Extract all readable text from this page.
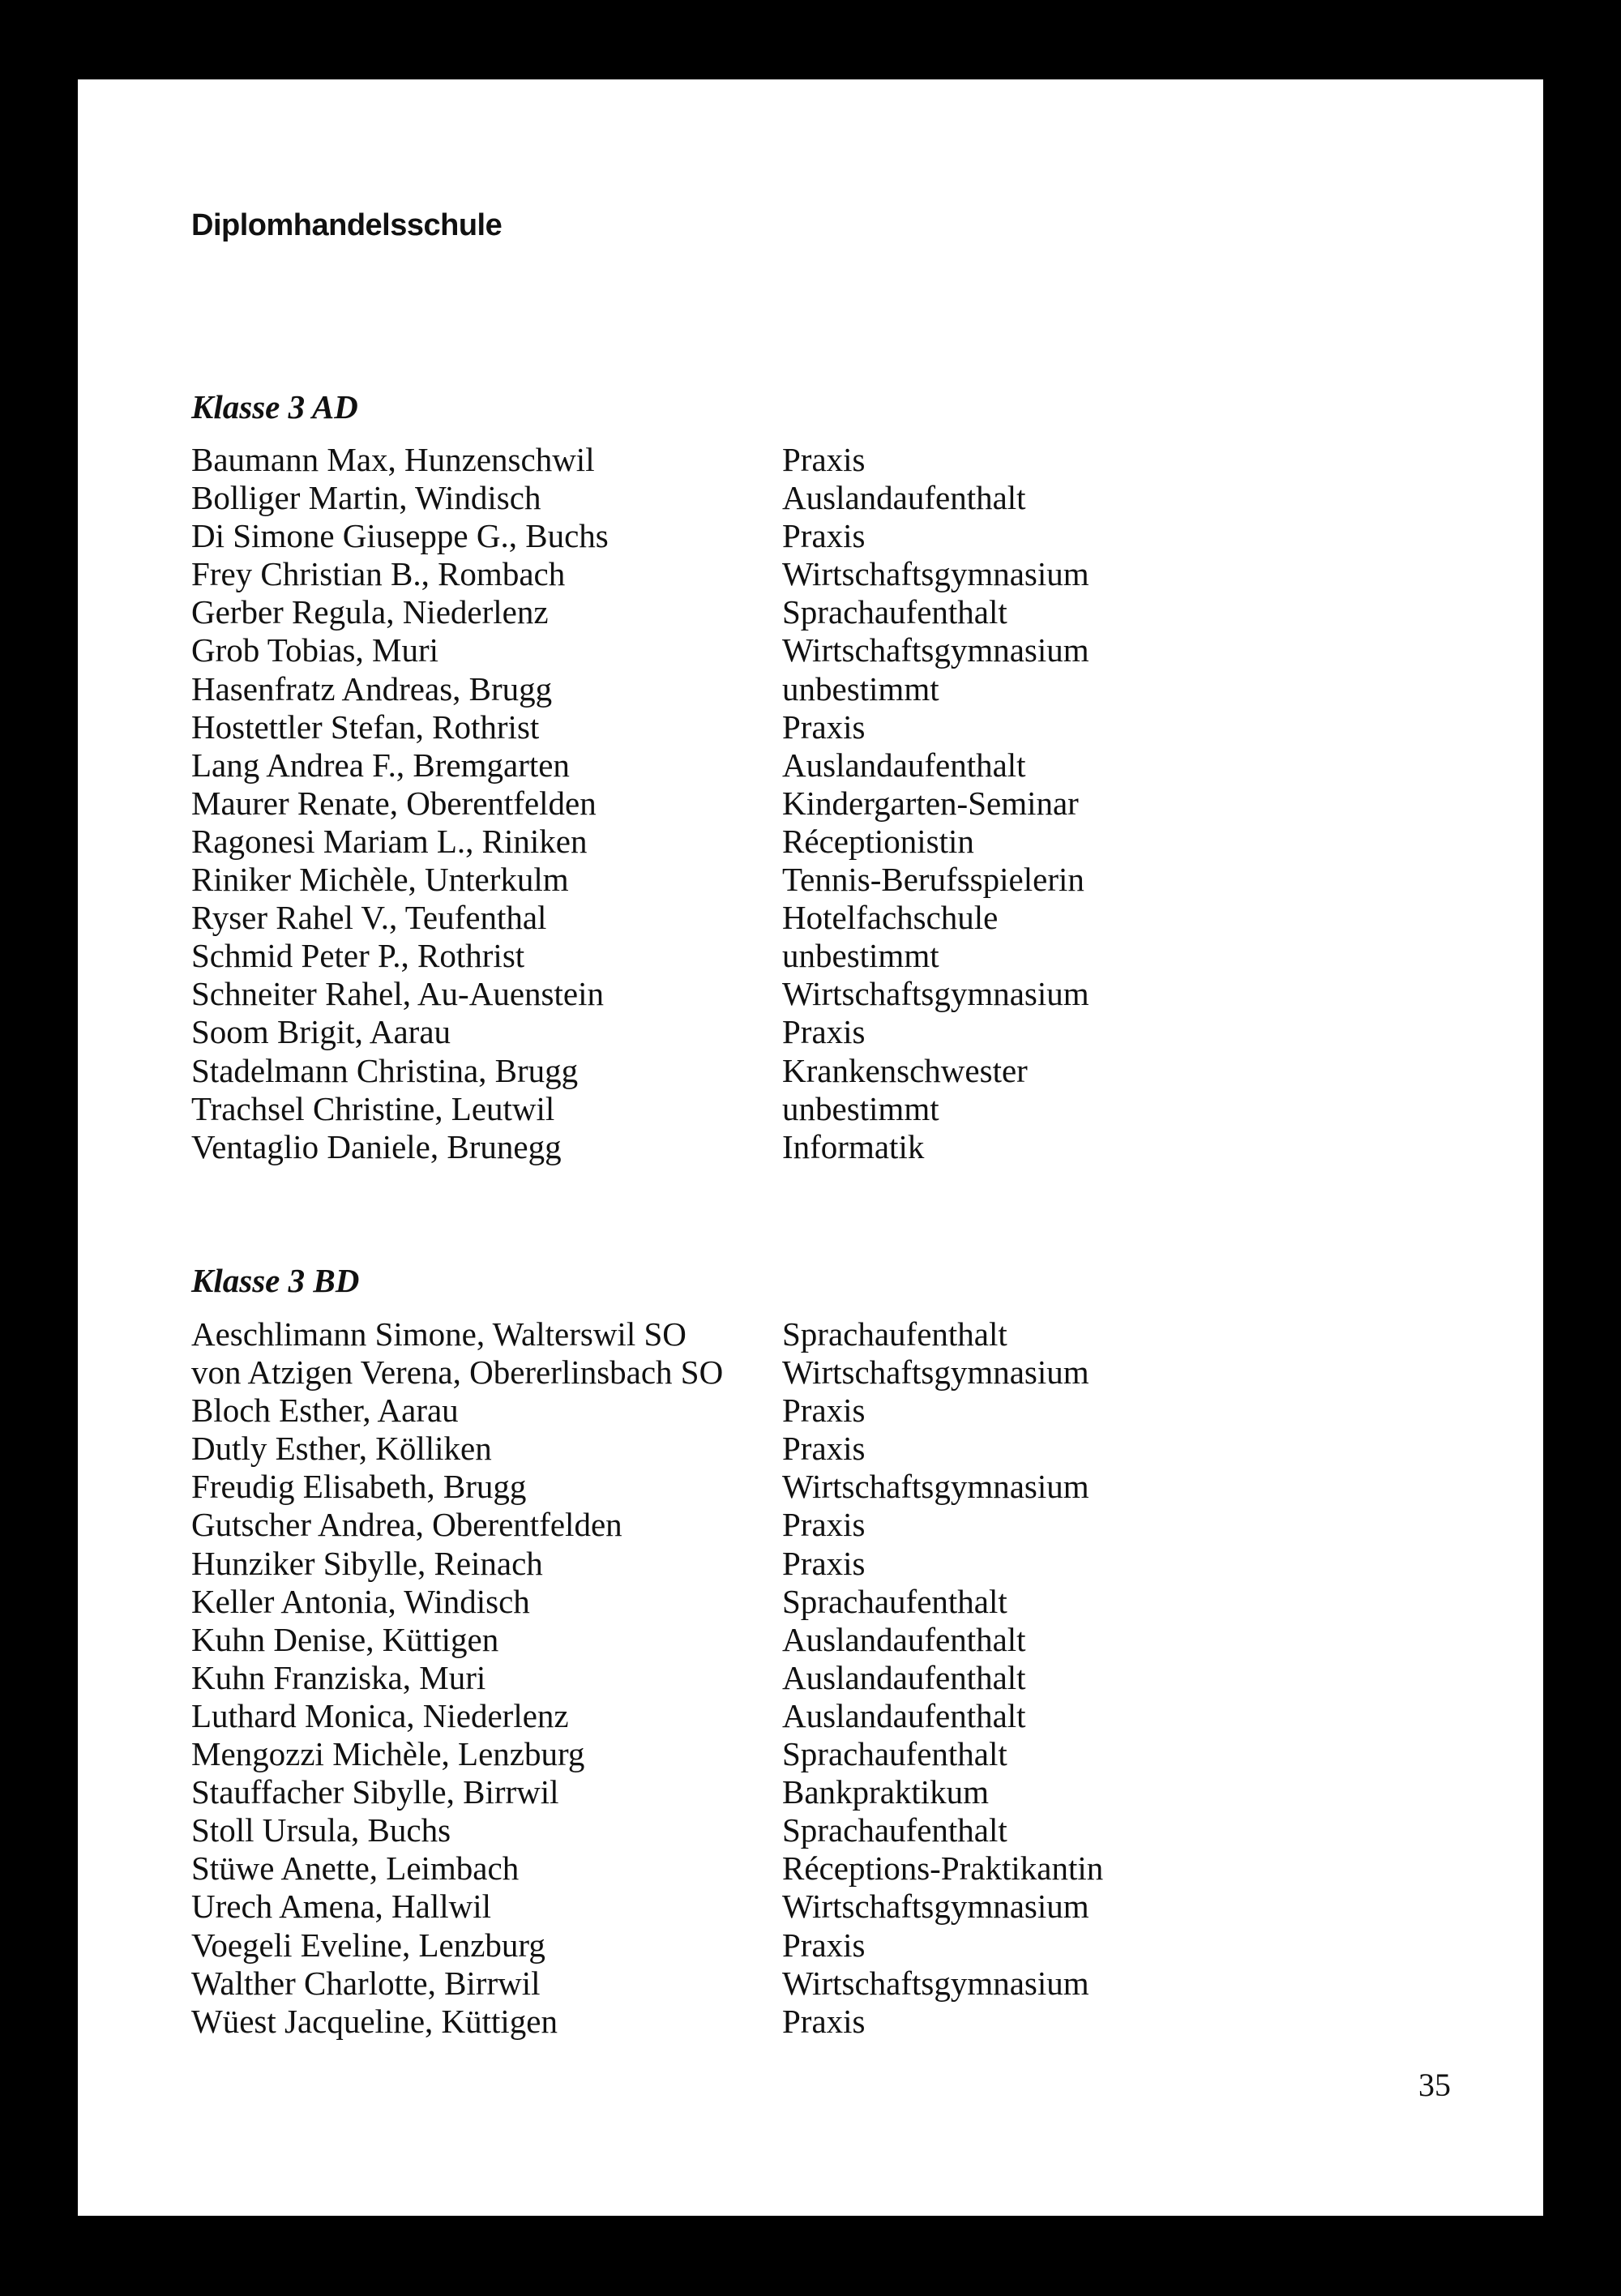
Diplomhandelsschule
Klasse 3 AD
Baumann Max, Hunzenschwil	Praxis
Bolliger Martin, Windisch	Auslandaufenthalt
Di Simone Giuseppe G., Buchs	Praxis
Frey Christian B., Rombach	Wirtschaftsgymnasium
Gerber Regula, Niederlenz	Sprachaufenthalt
Grob Tobias, Muri	Wirtschaftsgymnasium
Hasenfratz Andreas, Brugg	unbestimmt
Hostettler Stefan, Rothrist	Praxis
Lang Andrea F., Bremgarten	Auslandaufenthalt
Maurer Renate, Oberentfelden	Kindergarten-Seminar
Ragonesi Mariam L., Riniken	Réceptionistin
Riniker Michèle, Unterkulm	Tennis-Berufsspielerin
Ryser Rahel V., Teufenthal	Hotelfachschule
Schmid Peter P., Rothrist	unbestimmt
Schneiter Rahel, Au-Auenstein	Wirtschaftsgymnasium
Soom Brigit, Aarau	Praxis
Stadelmann Christina, Brugg	Krankenschwester
Trachsel Christine, Leutwil	unbestimmt
Ventaglio Daniele, Brunegg	Informatik
Klasse 3 BD
Aeschlimann Simone, Walterswil SO	Sprachaufenthalt
von Atzigen Verena, Obererlinsbach SO	Wirtschaftsgymnasium
Bloch Esther, Aarau	Praxis
Dutly Esther, Kölliken	Praxis
Freudig Elisabeth, Brugg	Wirtschaftsgymnasium
Gutscher Andrea, Oberentfelden	Praxis
Hunziker Sibylle, Reinach	Praxis
Keller Antonia, Windisch	Sprachaufenthalt
Kuhn Denise, Küttigen	Auslandaufenthalt
Kuhn Franziska, Muri	Auslandaufenthalt
Luthard Monica, Niederlenz	Auslandaufenthalt
Mengozzi Michèle, Lenzburg	Sprachaufenthalt
Stauffacher Sibylle, Birrwil	Bankpraktikum
Stoll Ursula, Buchs	Sprachaufenthalt
Stüwe Anette, Leimbach	Réceptions-Praktikantin
Urech Amena, Hallwil	Wirtschaftsgymnasium
Voegeli Eveline, Lenzburg	Praxis
Walther Charlotte, Birrwil	Wirtschaftsgymnasium
Wüest Jacqueline, Küttigen	Praxis

35
